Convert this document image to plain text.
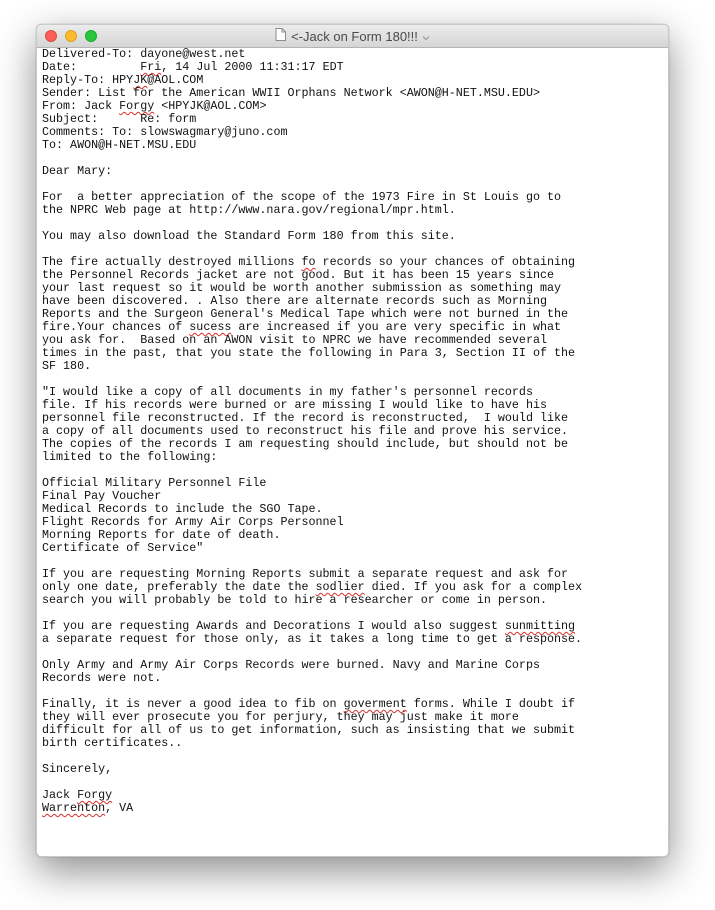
<-Jack on Form 180!!!
Delivered-To: dayone@west.net
Date:         Fri, 14 Jul 2000 11:31:17 EDT
Reply-To: HPYJK@AOL.COM
Sender: List for the American WWII Orphans Network <AWON@H-NET.MSU.EDU>
From: Jack Forgy <HPYJK@AOL.COM>
Subject:      Re: form
Comments: To: slowswagmary@juno.com
To: AWON@H-NET.MSU.EDU
Dear Mary:
For  a better appreciation of the scope of the 1973 Fire in St Louis go to
the NPRC Web page at http://www.nara.gov/regional/mpr.html.
You may also download the Standard Form 180 from this site.
The fire actually destroyed millions fo records so your chances of obtaining
the Personnel Records jacket are not good. But it has been 15 years since
your last request so it would be worth another submission as something may
have been discovered. . Also there are alternate records such as Morning
Reports and the Surgeon General's Medical Tape which were not burned in the
fire.Your chances of sucess are increased if you are very specific in what
you ask for.  Based on an AWON visit to NPRC we have recommended several
times in the past, that you state the following in Para 3, Section II of the
SF 180.
"I would like a copy of all documents in my father's personnel records
file. If his records were burned or are missing I would like to have his
personnel file reconstructed. If the record is reconstructed,  I would like
a copy of all documents used to reconstruct his file and prove his service.
The copies of the records I am requesting should include, but should not be
limited to the following:
Official Military Personnel File
Final Pay Voucher
Medical Records to include the SGO Tape.
Flight Records for Army Air Corps Personnel
Morning Reports for date of death.
Certificate of Service"
If you are requesting Morning Reports submit a separate request and ask for
only one date, preferably the date the sodlier died. If you ask for a complex
search you will probably be told to hire a researcher or come in person.
If you are requesting Awards and Decorations I would also suggest sunmitting
a separate request for those only, as it takes a long time to get a response.
Only Army and Army Air Corps Records were burned. Navy and Marine Corps
Records were not.
Finally, it is never a good idea to fib on goverment forms. While I doubt if
they will ever prosecute you for perjury, they may just make it more
difficult for all of us to get information, such as insisting that we submit
birth certificates..
Sincerely,
Jack Forgy
Warrenton, VA
